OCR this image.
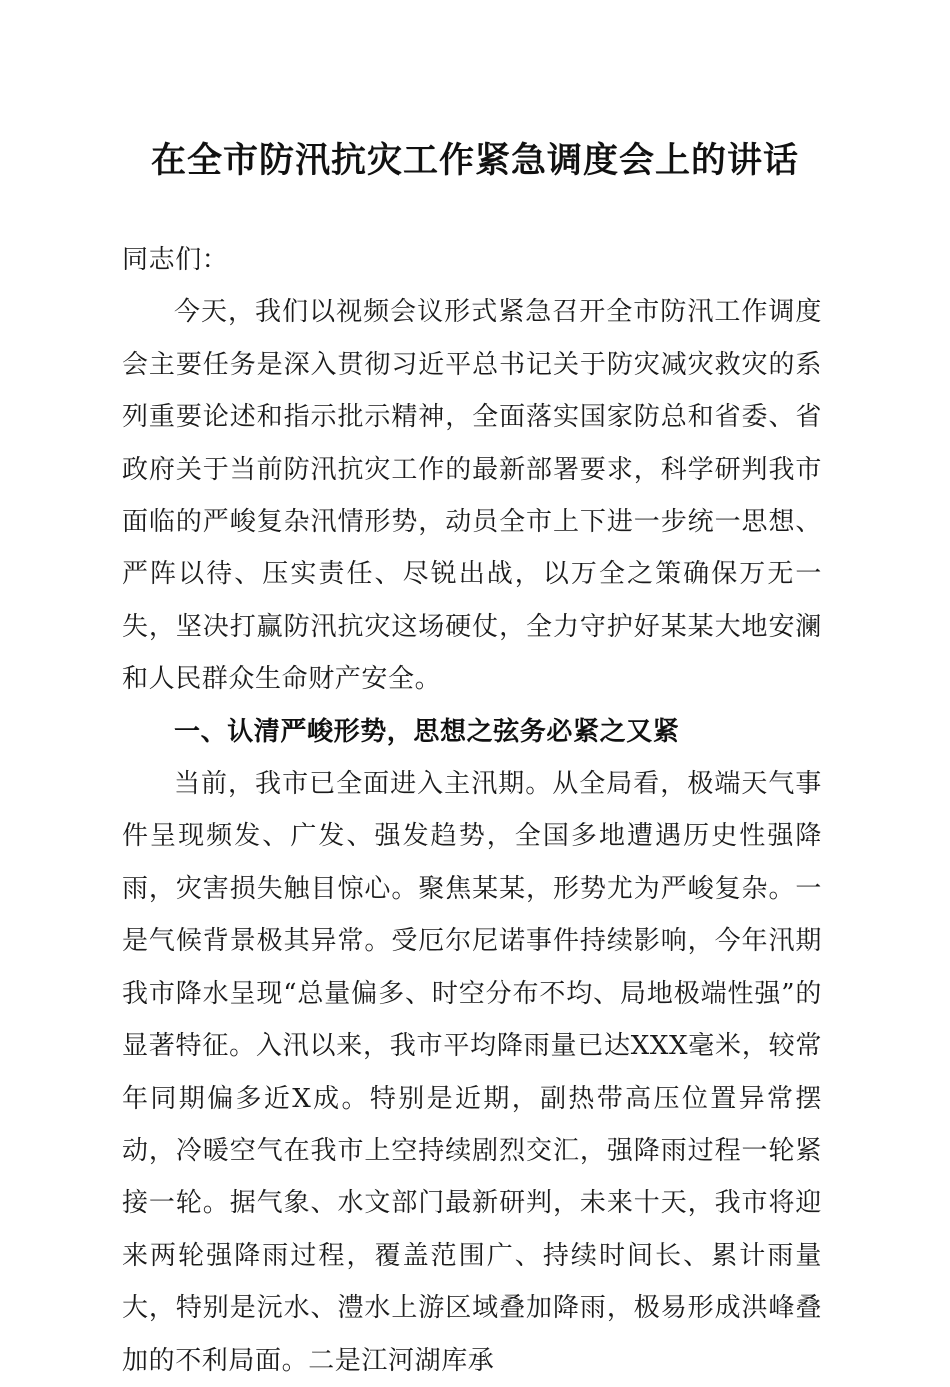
在全市防汛抗灾工作紧急调度会上的讲话

同志们：

今天，我们以视频会议形式紧急召开全市防汛工作调度会主要任务是深入贯彻习近平总书记关于防灾减灾救灾的系列重要论述和指示批示精神，全面落实国家防总和省委、省政府关于当前防汛抗灾工作的最新部署要求，科学研判我市面临的严峻复杂汛情形势，动员全市上下进一步统一思想、严阵以待、压实责任、尽锐出战，以万全之策确保万无一失，坚决打赢防汛抗灾这场硬仗，全力守护好某某大地安澜和人民群众生命财产安全。

一、认清严峻形势，思想之弦务必紧之又紧

当前，我市已全面进入主汛期。从全局看，极端天气事件呈现频发、广发、强发趋势，全国多地遭遇历史性强降雨，灾害损失触目惊心。聚焦某某，形势尤为严峻复杂。一是气候背景极其异常。受厄尔尼诺事件持续影响，今年汛期我市降水呈现“总量偏多、时空分布不均、局地极端性强”的显著特征。入汛以来，我市平均降雨量已达XXX毫米，较常年同期偏多近X成。特别是近期，副热带高压位置异常摆动，冷暖空气在我市上空持续剧烈交汇，强降雨过程一轮紧接一轮。据气象、水文部门最新研判，未来十天，我市将迎来两轮强降雨过程，覆盖范围广、持续时间长、累计雨量大，特别是沅水、澧水上游区域叠加降雨，极易形成洪峰叠加的不利局面。二是江河湖库承
